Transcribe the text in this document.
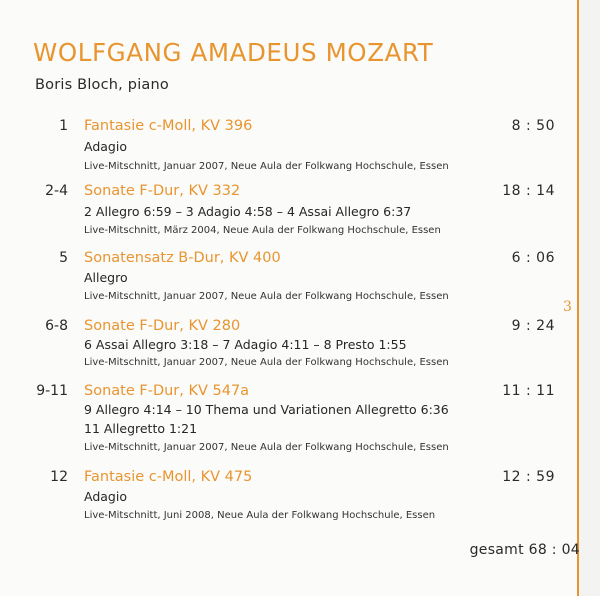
3
WOLFGANG AMADEUS MOZART
Boris Bloch, piano
1 Fantasie c-Moll, KV 396	8 : 50
Adagio
Live-Mitschnitt, Januar 2007, Neue Aula der Folkwang Hochschule, Essen
2-4 Sonate F-Dur, KV 332	18 : 14
2 Allegro 6:59 – 3 Adagio 4:58 – 4 Assai Allegro 6:37
Live-Mitschnitt, März 2004, Neue Aula der Folkwang Hochschule, Essen
5 Sonatensatz B-Dur, KV 400	6 : 06
Allegro
Live-Mitschnitt, Januar 2007, Neue Aula der Folkwang Hochschule, Essen
6-8 Sonate F-Dur, KV 280	9 : 24
6 Assai Allegro 3:18 – 7 Adagio 4:11 – 8 Presto 1:55
Live-Mitschnitt, Januar 2007, Neue Aula der Folkwang Hochschule, Essen
9-11 Sonate F-Dur, KV 547a	11 : 11
9 Allegro 4:14 – 10 Thema und Variationen Allegretto 6:36
11 Allegretto 1:21
Live-Mitschnitt, Januar 2007, Neue Aula der Folkwang Hochschule, Essen
12 Fantasie c-Moll, KV 475	12 : 59
Adagio
Live-Mitschnitt, Juni 2008, Neue Aula der Folkwang Hochschule, Essen
gesamt 68 : 04
